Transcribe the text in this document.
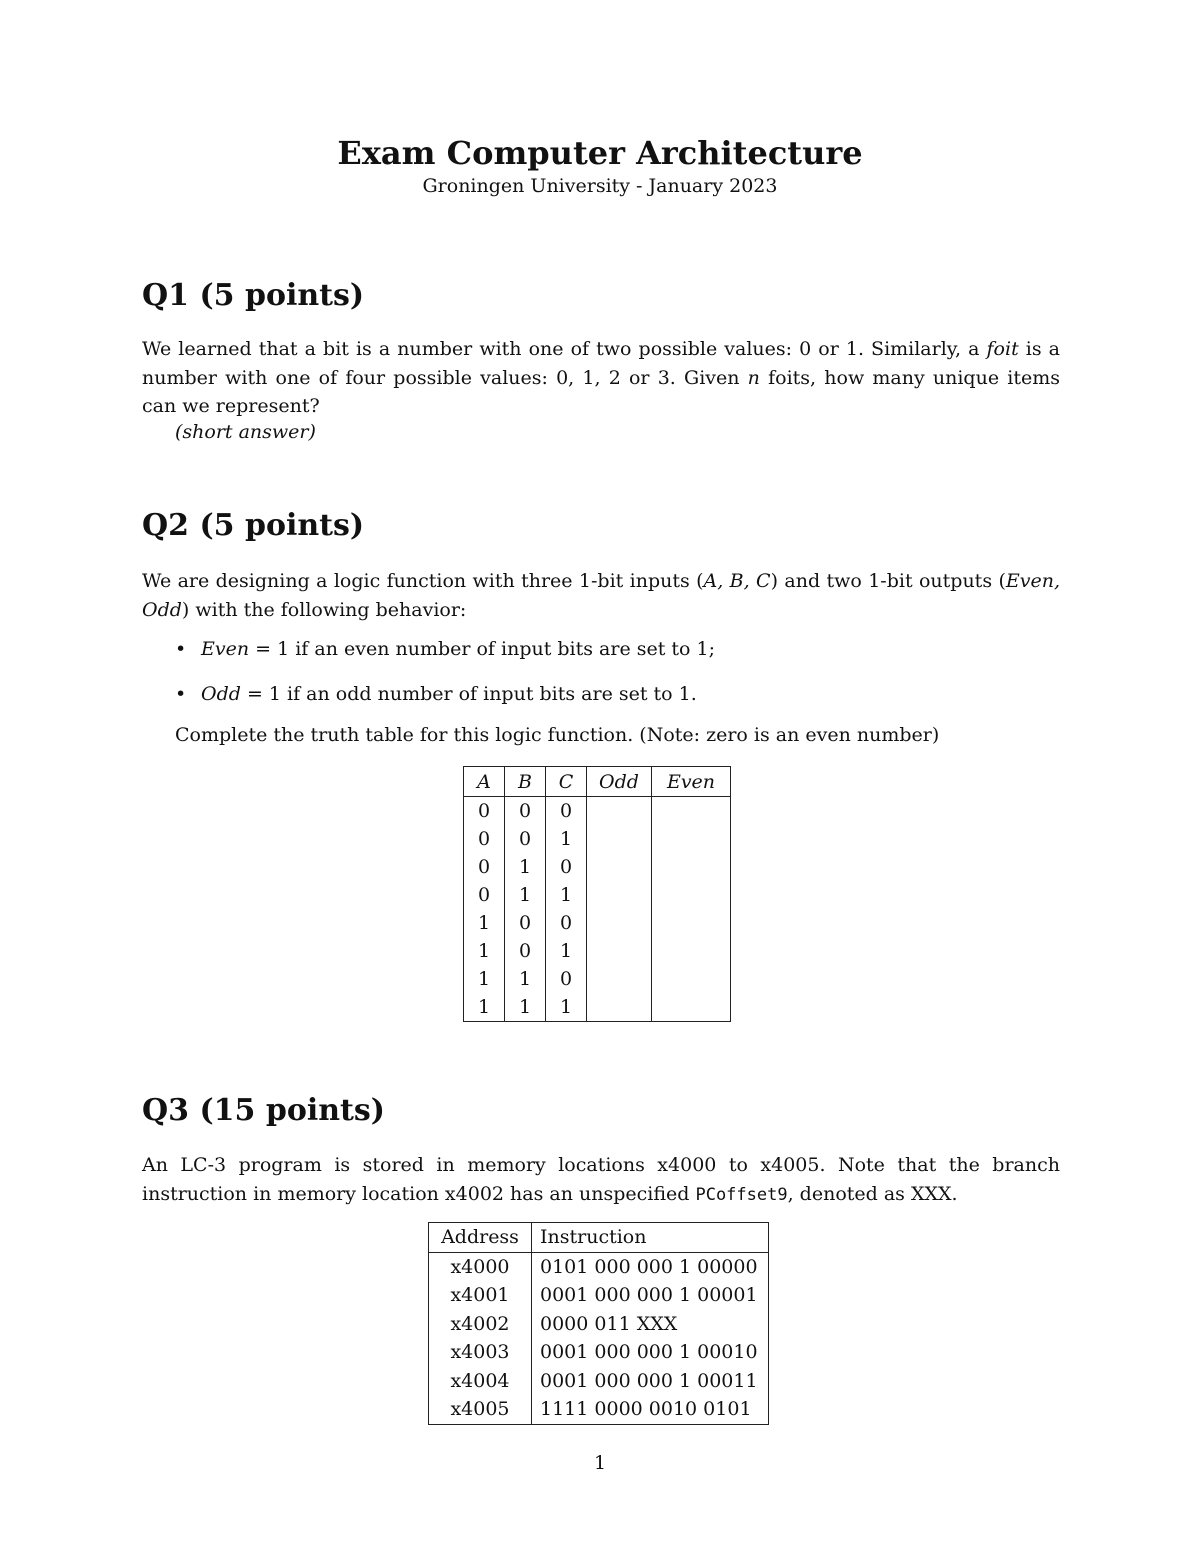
Exam Computer Architecture
Groningen University - January 2023
Q1 (5 points)

We learned that a bit is a number with one of two possible values: 0 or 1. Similarly, a foit is a number with one of four possible values: 0, 1, 2 or 3. Given n foits, how many unique items can we represent?

(short answer)
Q2 (5 points)

We are designing a logic function with three 1-bit inputs (A, B, C) and two 1-bit outputs (Even, Odd) with the following behavior:

• Even = 1 if an even number of input bits are set to 1;
• Odd = 1 if an odd number of input bits are set to 1.
Complete the truth table for this logic function. (Note: zero is an even number)
A	B	C	Odd	Even
0	0	0		
0	0	1		
0	1	0		
0	1	1		
1	0	0		
1	0	1		
1	1	0		
1	1	1		
Q3 (15 points)

An LC-3 program is stored in memory locations x4000 to x4005. Note that the branch instruction in memory location x4002 has an unspecified PCoffset9, denoted as XXX.

Address	Instruction
x4000	0101 000 000 1 00000
x4001	0001 000 000 1 00001
x4002	0000 011 XXX
x4003	0001 000 000 1 00010
x4004	0001 000 000 1 00011
x4005	1111 0000 0010 0101
1
